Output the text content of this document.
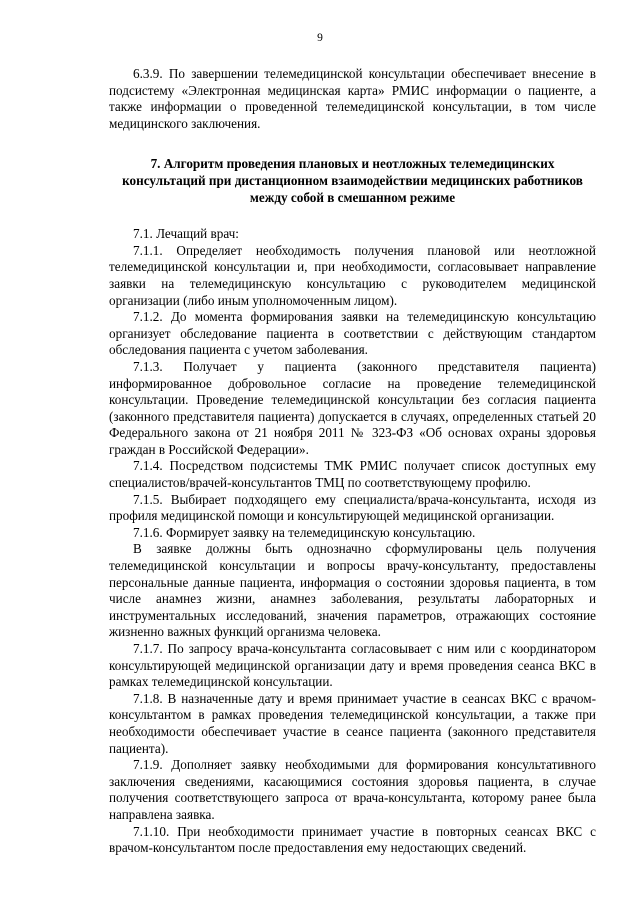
9

6.3.9. По завершении телемедицинской консультации обеспечивает внесение в подсистему «Электронная медицинская карта» РМИС информации о пациенте, а также информации о проведенной телемедицинской консультации, в том числе медицинского заключения.

7. Алгоритм проведения плановых и неотложных телемедицинских консультаций при дистанционном взаимодействии медицинских работников между собой в смешанном режиме

7.1. Лечащий врач:

7.1.1. Определяет необходимость получения плановой или неотложной телемедицинской консультации и, при необходимости, согласовывает направление заявки на телемедицинскую консультацию с руководителем медицинской организации (либо иным уполномоченным лицом).

7.1.2. До момента формирования заявки на телемедицинскую консультацию организует обследование пациента в соответствии с действующим стандартом обследования пациента с учетом заболевания.

7.1.3. Получает у пациента (законного представителя пациента) информированное добровольное согласие на проведение телемедицинской консультации. Проведение телемедицинской консультации без согласия пациента (законного представителя пациента) допускается в случаях, определенных статьей 20 Федерального закона от 21 ноября 2011 № 323-ФЗ «Об основах охраны здоровья граждан в Российской Федерации».

7.1.4. Посредством подсистемы ТМК РМИС получает список доступных ему специалистов/врачей-консультантов ТМЦ по соответствующему профилю.

7.1.5. Выбирает подходящего ему специалиста/врача-консультанта, исходя из профиля медицинской помощи и консультирующей медицинской организации.

7.1.6. Формирует заявку на телемедицинскую консультацию.

В заявке должны быть однозначно сформулированы цель получения телемедицинской консультации и вопросы врачу-консультанту, предоставлены персональные данные пациента, информация о состоянии здоровья пациента, в том числе анамнез жизни, анамнез заболевания, результаты лабораторных и инструментальных исследований, значения параметров, отражающих состояние жизненно важных функций организма человека.

7.1.7. По запросу врача-консультанта согласовывает с ним или с координатором консультирующей медицинской организации дату и время проведения сеанса ВКС в рамках телемедицинской консультации.

7.1.8. В назначенные дату и время принимает участие в сеансах ВКС с врачом-консультантом в рамках проведения телемедицинской консультации, а также при необходимости обеспечивает участие в сеансе пациента (законного представителя пациента).

7.1.9. Дополняет заявку необходимыми для формирования консультативного заключения сведениями, касающимися состояния здоровья пациента, в случае получения соответствующего запроса от врача-консультанта, которому ранее была направлена заявка.

7.1.10. При необходимости принимает участие в повторных сеансах ВКС с врачом-консультантом после предоставления ему недостающих сведений.
